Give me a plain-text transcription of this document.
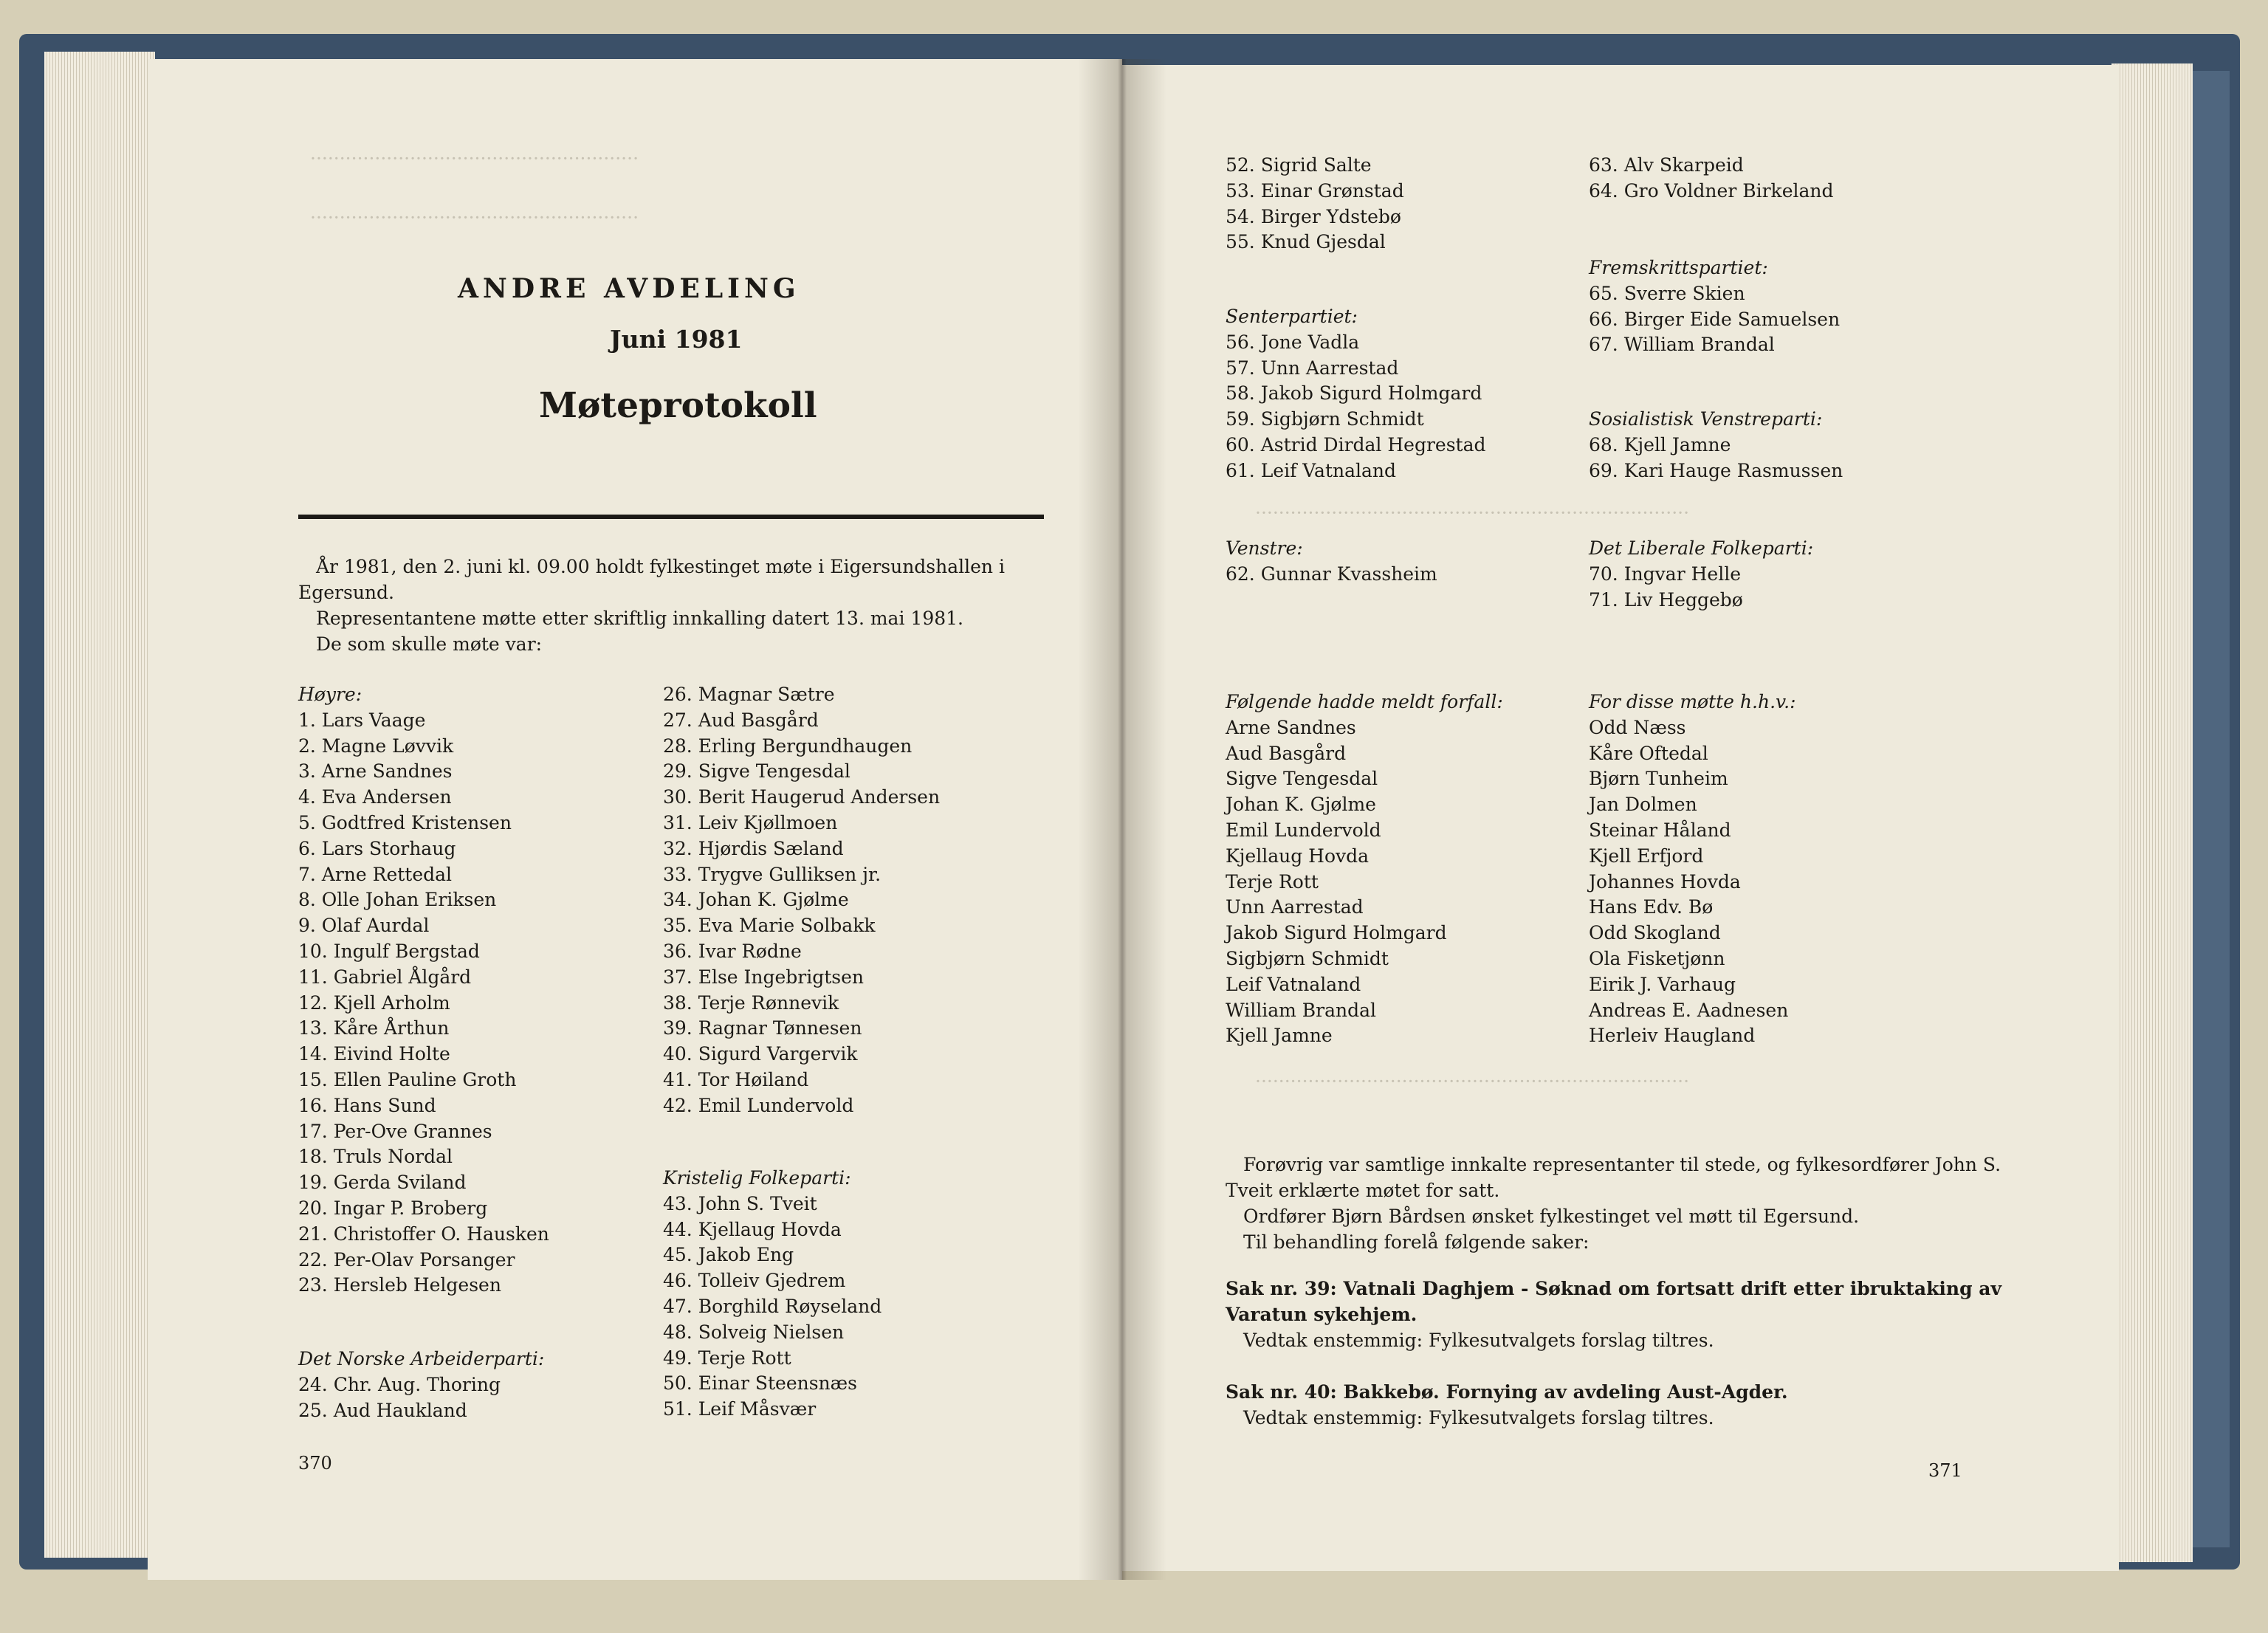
························································
························································
··········································································
··········································································
ANDRE AVDELING
Juni 1981
Møteprotokoll
År 1981, den 2. juni kl. 09.00 holdt fylkestinget møte i Eigersundshallen i
Egersund.
Representantene møtte etter skriftlig innkalling datert 13. mai 1981.
De som skulle møte var:
Høyre:
1. Lars Vaage
2. Magne Løvvik
3. Arne Sandnes
4. Eva Andersen
5. Godtfred Kristensen
6. Lars Storhaug
7. Arne Rettedal
8. Olle Johan Eriksen
9. Olaf Aurdal
10. Ingulf Bergstad
11. Gabriel Ålgård
12. Kjell Arholm
13. Kåre Årthun
14. Eivind Holte
15. Ellen Pauline Groth
16. Hans Sund
17. Per-Ove Grannes
18. Truls Nordal
19. Gerda Sviland
20. Ingar P. Broberg
21. Christoffer O. Hausken
22. Per-Olav Porsanger
23. Hersleb Helgesen
Det Norske Arbeiderparti:
24. Chr. Aug. Thoring
25. Aud Haukland
26. Magnar Sætre
27. Aud Basgård
28. Erling Bergundhaugen
29. Sigve Tengesdal
30. Berit Haugerud Andersen
31. Leiv Kjøllmoen
32. Hjørdis Sæland
33. Trygve Gulliksen jr.
34. Johan K. Gjølme
35. Eva Marie Solbakk
36. Ivar Rødne
37. Else Ingebrigtsen
38. Terje Rønnevik
39. Ragnar Tønnesen
40. Sigurd Vargervik
41. Tor Høiland
42. Emil Lundervold
Kristelig Folkeparti:
43. John S. Tveit
44. Kjellaug Hovda
45. Jakob Eng
46. Tolleiv Gjedrem
47. Borghild Røyseland
48. Solveig Nielsen
49. Terje Rott
50. Einar Steensnæs
51. Leif Måsvær
370
52. Sigrid Salte
53. Einar Grønstad
54. Birger Ydstebø
55. Knud Gjesdal
Senterpartiet:
56. Jone Vadla
57. Unn Aarrestad
58. Jakob Sigurd Holmgard
59. Sigbjørn Schmidt
60. Astrid Dirdal Hegrestad
61. Leif Vatnaland
Venstre:
62. Gunnar Kvassheim
63. Alv Skarpeid
64. Gro Voldner Birkeland
Fremskrittspartiet:
65. Sverre Skien
66. Birger Eide Samuelsen
67. William Brandal
Sosialistisk Venstreparti:
68. Kjell Jamne
69. Kari Hauge Rasmussen
Det Liberale Folkeparti:
70. Ingvar Helle
71. Liv Heggebø
Følgende hadde meldt forfall:
Arne Sandnes
Aud Basgård
Sigve Tengesdal
Johan K. Gjølme
Emil Lundervold
Kjellaug Hovda
Terje Rott
Unn Aarrestad
Jakob Sigurd Holmgard
Sigbjørn Schmidt
Leif Vatnaland
William Brandal
Kjell Jamne
For disse møtte h.h.v.:
Odd Næss
Kåre Oftedal
Bjørn Tunheim
Jan Dolmen
Steinar Håland
Kjell Erfjord
Johannes Hovda
Hans Edv. Bø
Odd Skogland
Ola Fisketjønn
Eirik J. Varhaug
Andreas E. Aadnesen
Herleiv Haugland
Forøvrig var samtlige innkalte representanter til stede, og fylkesordfører John S.
Tveit erklærte møtet for satt.
Ordfører Bjørn Bårdsen ønsket fylkestinget vel møtt til Egersund.
Til behandling forelå følgende saker:
Sak nr. 39: Vatnali Daghjem - Søknad om fortsatt drift etter ibruktaking av
Varatun sykehjem.
Vedtak enstemmig: Fylkesutvalgets forslag tiltres.
Sak nr. 40: Bakkebø. Fornying av avdeling Aust-Agder.
Vedtak enstemmig: Fylkesutvalgets forslag tiltres.
371
